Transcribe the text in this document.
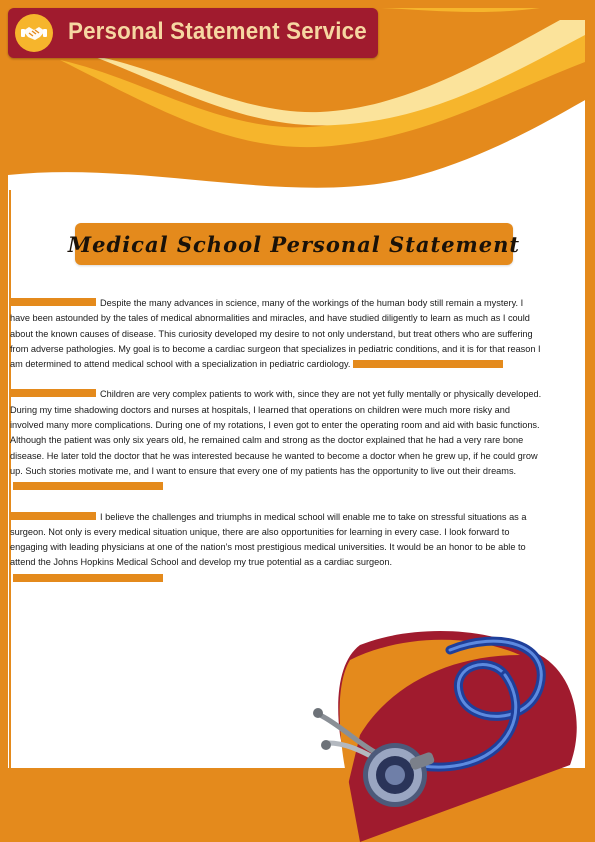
Personal Statement Service
Medical School Personal Statement

Despite the many advances in science, many of the workings of the human body still remain a mystery. I have been astounded by the tales of medical abnormalities and miracles, and have studied diligently to learn as much as I could about the known causes of disease. This curiosity developed my desire to not only understand, but treat others who are suffering from adverse pathologies. My goal is to become a cardiac surgeon that specializes in pediatric conditions, and it is for that reason I am determined to attend medical school with a specialization in pediatric cardiology.

Children are very complex patients to work with, since they are not yet fully mentally or physically developed. During my time shadowing doctors and nurses at hospitals, I learned that operations on children were much more risky and involved many more complications. During one of my rotations, I even got to enter the operating room and aid with basic functions. Although the patient was only six years old, he remained calm and strong as the doctor explained that he had a very rare bone disease. He later told the doctor that he was interested because he wanted to become a doctor when he grew up, if he could grow up. Such stories motivate me, and I want to ensure that every one of my patients has the opportunity to live out their dreams.

I believe the challenges and triumphs in medical school will enable me to take on stressful situations as a surgeon. Not only is every medical situation unique, there are also opportunities for learning in every case. I look forward to engaging with leading physicians at one of the nation’s most prestigious medical universities. It would be an honor to be able to attend the Johns Hopkins Medical School and develop my true potential as a cardiac surgeon.
